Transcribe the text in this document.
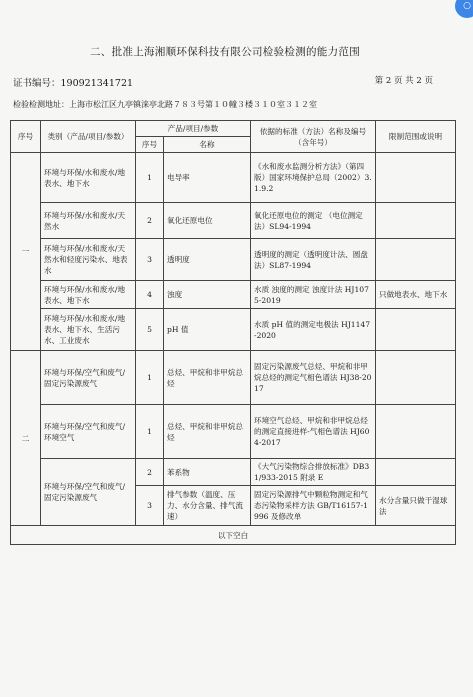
○
二、批准上海湘顺环保科技有限公司检验检测的能力范围
证书编号：190921341721	第 2 页 共 2 页
检验检测地址：上海市松江区九亭镇涞亭北路７８３号第１０幢３楼３１０室３１２室
序号	类别（产品/项目/参数）	产品/项目/参数		依据的标准（方法）名称及编号（含年号）	限制范围或说明
		序号	名称		
一	环境与环保/水和废水/地表水、地下水	1	电导率	《水和废水监测分析方法》（第四版）国家环境保护总局（2002）3.1.9.2	
	环境与环保/水和废水/天然水	2	氧化还原电位	氧化还原电位的测定 （电位测定法）SL94-1994	
	环境与环保/水和废水/天然水和轻度污染水、地表水	3	透明度	透明度的测定（透明度计法、圆盘法）SL87-1994	
	环境与环保/水和废水/地表水、地下水	4	浊度	水质 浊度的测定 浊度计法 HJ1075-2019	只做地表水、地下水
	环境与环保/水和废水/地表水、地下水、生活污水、工业废水	5	pH 值	水质 pH 值的测定电极法 HJ1147-2020	
二	环境与环保/空气和废气/固定污染源废气	1	总烃、甲烷和非甲烷总烃	固定污染源废气总烃、甲烷和非甲烷总烃的测定气相色谱法 HJ38-2017	
	环境与环保/空气和废气/环境空气	1	总烃、甲烷和非甲烷总烃	环境空气总烃、甲烷和非甲烷总烃的测定直接进样-气相色谱法 HJ604-2017	
	环境与环保/空气和废气/固定污染源废气	2	苯系物	《大气污染物综合排放标准》DB31/933-2015 附录 E	
		3	排气参数（温度、压力、水分含量、排气流速）	固定污染源排气中颗粒物测定和气态污染物采样方法 GB/T16157-1996 及修改单	水分含量只做干湿球法
以下空白					
